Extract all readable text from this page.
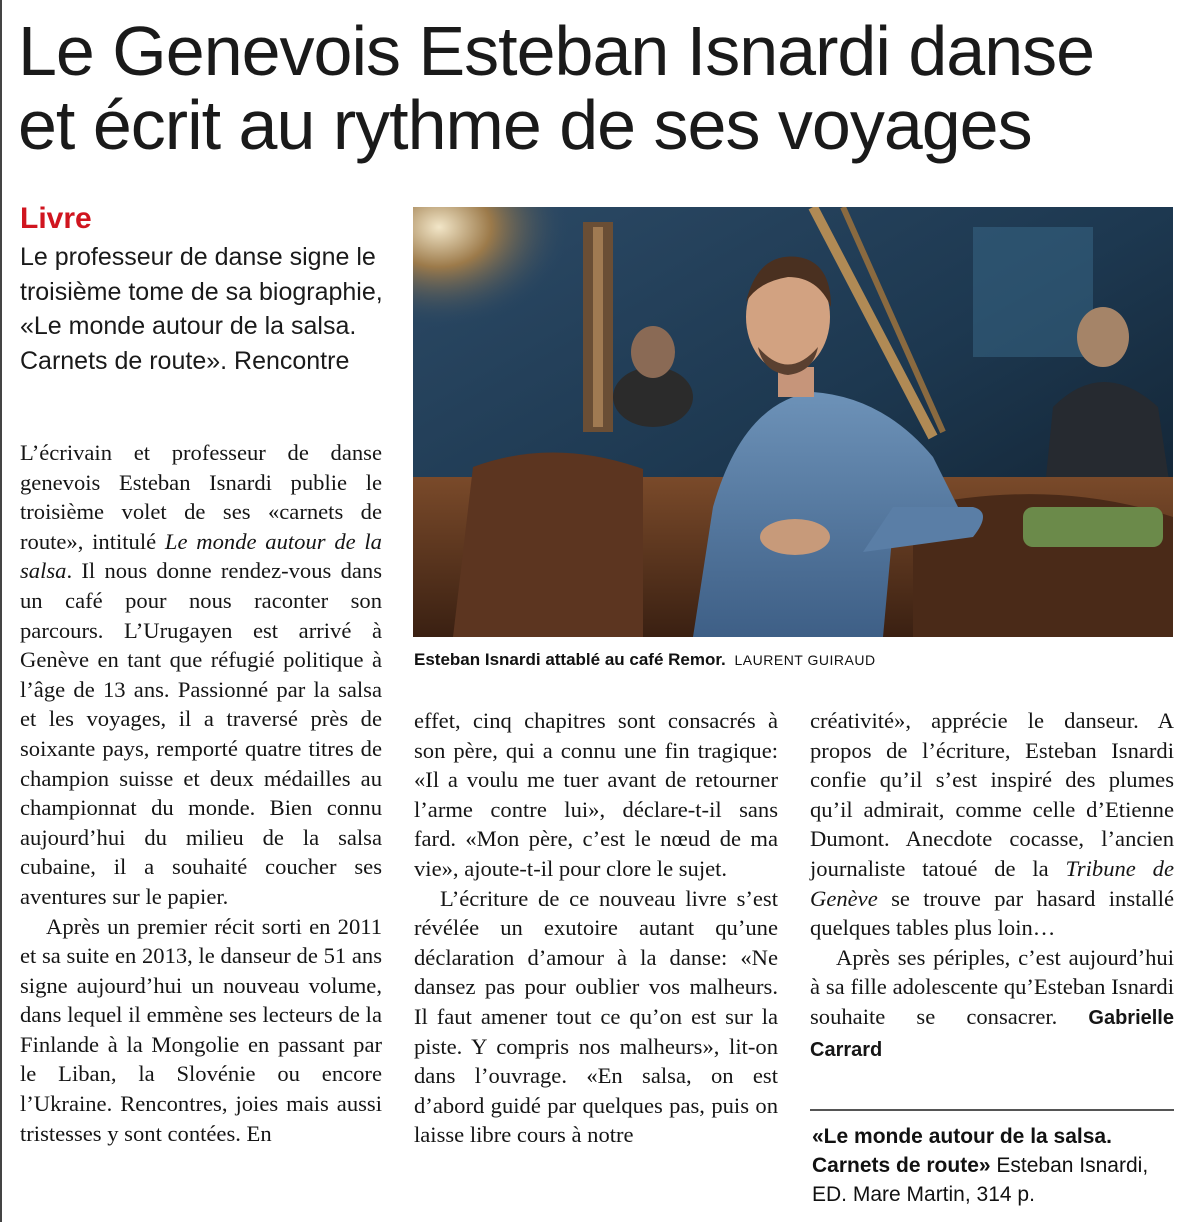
Le Genevois Esteban Isnardi danse
et écrit au rythme de ses voyages
Livre
Le professeur de danse signe le troisième tome de sa biographie, «Le monde autour de la salsa. Carnets de route». Rencontre
Esteban Isnardi attablé au café Remor. LAURENT GUIRAUD

L’écrivain et professeur de danse genevois Esteban Isnardi publie le troisième volet de ses «carnets de route», intitulé Le monde autour de la salsa. Il nous donne rendez-vous dans un café pour nous raconter son parcours. L’Urugayen est arrivé à Genève en tant que réfugié politique à l’âge de 13 ans. Passionné par la salsa et les voyages, il a traversé près de soixante pays, remporté quatre titres de champion suisse et deux médailles au championnat du monde. Bien connu aujourd’hui du milieu de la salsa cubaine, il a souhaité coucher ses aventures sur le papier.

Après un premier récit sorti en 2011 et sa suite en 2013, le danseur de 51 ans signe aujourd’hui un nouveau volume, dans lequel il emmène ses lecteurs de la Finlande à la Mongolie en passant par le Liban, la Slovénie ou encore l’Ukraine. Rencontres, joies mais aussi tristesses y sont contées. En

effet, cinq chapitres sont consacrés à son père, qui a connu une fin tragique: «Il a voulu me tuer avant de retourner l’arme contre lui», déclare-t-il sans fard. «Mon père, c’est le nœud de ma vie», ajoute-t-il pour clore le sujet.

L’écriture de ce nouveau livre s’est révélée un exutoire autant qu’une déclaration d’amour à la danse: «Ne dansez pas pour oublier vos malheurs. Il faut amener tout ce qu’on est sur la piste. Y compris nos malheurs», lit-on dans l’ouvrage. «En salsa, on est d’abord guidé par quelques pas, puis on laisse libre cours à notre

créativité», apprécie le danseur. A propos de l’écriture, Esteban Isnardi confie qu’il s’est inspiré des plumes qu’il admirait, comme celle d’Etienne Dumont. Anecdote cocasse, l’ancien journaliste tatoué de la Tribune de Genève se trouve par hasard installé quelques tables plus loin…

Après ses périples, c’est aujourd’hui à sa fille adolescente qu’Esteban Isnardi souhaite se consacrer. Gabrielle Carrard

«Le monde autour de la salsa. Carnets de route» Esteban Isnardi, ED. Mare Martin, 314 p.
